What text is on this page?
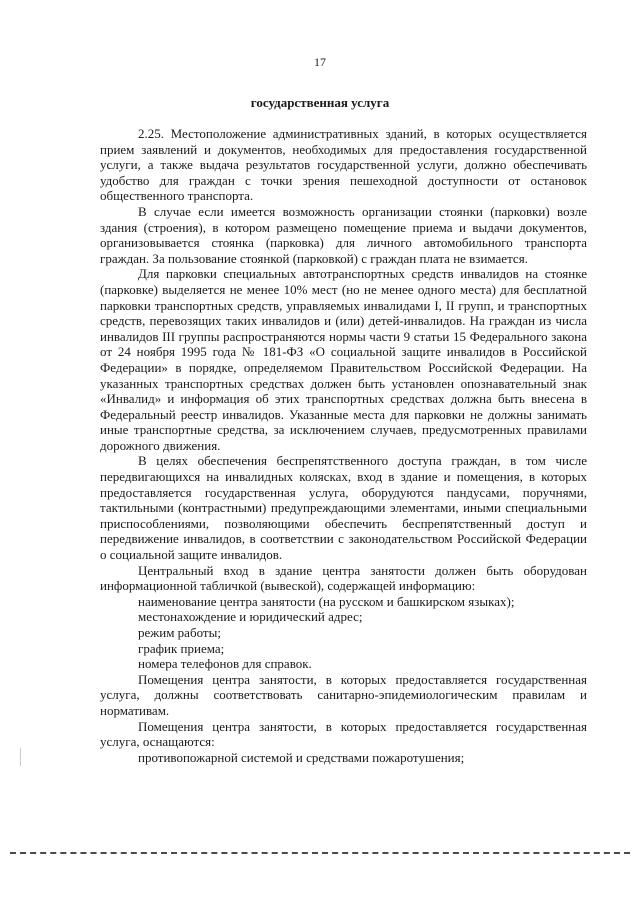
17
государственная услуга

2.25. Местоположение административных зданий, в которых осуществляется прием заявлений и документов, необходимых для предоставления государственной услуги, а также выдача результатов государственной услуги, должно обеспечивать удобство для граждан с точки зрения пешеходной доступности от остановок общественного транспорта.

В случае если имеется возможность организации стоянки (парковки) возле здания (строения), в котором размещено помещение приема и выдачи документов, организовывается стоянка (парковка) для личного автомобильного транспорта граждан. За пользование стоянкой (парковкой) с граждан плата не взимается.

Для парковки специальных автотранспортных средств инвалидов на стоянке (парковке) выделяется не менее 10% мест (но не менее одного места) для бесплатной парковки транспортных средств, управляемых инвалидами I, II групп, и транспортных средств, перевозящих таких инвалидов и (или) детей-инвалидов. На граждан из числа инвалидов III группы распространяются нормы части 9 статьи 15 Федерального закона от 24 ноября 1995 года № 181-ФЗ «О социальной защите инвалидов в Российской Федерации» в порядке, определяемом Правительством Российской Федерации. На указанных транспортных средствах должен быть установлен опознавательный знак «Инвалид» и информация об этих транспортных средствах должна быть внесена в Федеральный реестр инвалидов. Указанные места для парковки не должны занимать иные транспортные средства, за исключением случаев, предусмотренных правилами дорожного движения.

В целях обеспечения беспрепятственного доступа граждан, в том числе передвигающихся на инвалидных колясках, вход в здание и помещения, в которых предоставляется государственная услуга, оборудуются пандусами, поручнями, тактильными (контрастными) предупреждающими элементами, иными специальными приспособлениями, позволяющими обеспечить беспрепятственный доступ и передвижение инвалидов, в соответствии с законодательством Российской Федерации о социальной защите инвалидов.

Центральный вход в здание центра занятости должен быть оборудован информационной табличкой (вывеской), содержащей информацию:

наименование центра занятости (на русском и башкирском языках);

местонахождение и юридический адрес;

режим работы;

график приема;

номера телефонов для справок.

Помещения центра занятости, в которых предоставляется государственная услуга, должны соответствовать санитарно-эпидемиологическим правилам и нормативам.

Помещения центра занятости, в которых предоставляется государственная услуга, оснащаются:

противопожарной системой и средствами пожаротушения;
